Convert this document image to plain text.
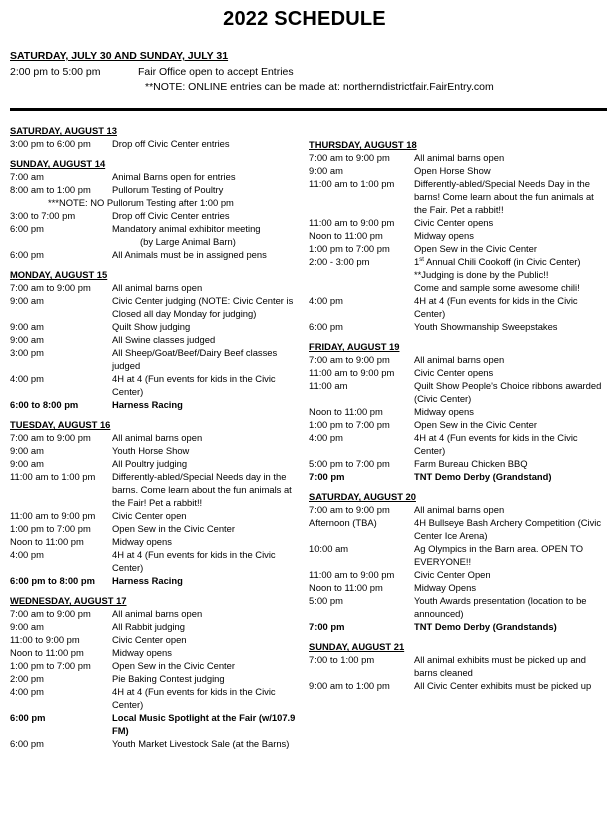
2022 SCHEDULE
SATURDAY, JULY 30 AND SUNDAY, JULY 31
2:00 pm to 5:00 pm	Fair Office open to accept Entries
**NOTE: ONLINE entries can be made at: northerndistrictfair.FairEntry.com
SATURDAY, AUGUST 13
3:00 pm to 6:00 pm	Drop off Civic Center entries
SUNDAY, AUGUST 14
7:00 am	Animal Barns open for entries
8:00 am to 1:00 pm	Pullorum Testing of Poultry
***NOTE: NO Pullorum Testing after 1:00 pm
3:00 to 7:00 pm	Drop off Civic Center entries
6:00 pm	Mandatory animal exhibitor meeting
(by Large Animal Barn)
6:00 pm	All Animals must be in assigned pens
MONDAY, AUGUST 15
7:00 am to 9:00 pm	All animal barns open
9:00 am	Civic Center judging (NOTE: Civic Center is Closed all day Monday for judging)
9:00 am	Quilt Show judging
9:00 am	All Swine classes judged
3:00 pm	All Sheep/Goat/Beef/Dairy Beef classes judged
4:00 pm	4H at 4 (Fun events for kids in the Civic Center)
6:00 to 8:00 pm	Harness Racing
TUESDAY, AUGUST 16
7:00 am to 9:00 pm	All animal barns open
9:00 am	Youth Horse Show
9:00 am	All Poultry judging
11:00 am to 1:00 pm	Differently-abled/Special Needs day in the barns. Come learn about the fun animals at the Fair! Pet a rabbit!!
11:00 am to 9:00 pm	Civic Center open
1:00 pm to 7:00 pm	Open Sew in the Civic Center
Noon to 11:00 pm	Midway opens
4:00 pm	4H at 4 (Fun events for kids in the Civic Center)
6:00 pm to 8:00 pm	Harness Racing
WEDNESDAY, AUGUST 17
7:00 am to 9:00 pm	All animal barns open
9:00 am	All Rabbit judging
11:00 to 9:00 pm	Civic Center open
Noon to 11:00 pm	Midway opens
1:00 pm to 7:00 pm	Open Sew in the Civic Center
2:00 pm	Pie Baking Contest judging
4:00 pm	4H at 4 (Fun events for kids in the Civic Center)
6:00 pm	Local Music Spotlight at the Fair (w/107.9 FM)
6:00 pm	Youth Market Livestock Sale (at the Barns)
THURSDAY, AUGUST 18
7:00 am to 9:00 pm	All animal barns open
9:00 am	Open Horse Show
11:00 am to 1:00 pm	Differently-abled/Special Needs Day in the barns! Come learn about the fun animals at the Fair. Pet a rabbit!!
11:00 am to 9:00 pm	Civic Center opens
Noon to 11:00 pm	Midway opens
1:00 pm to 7:00 pm	Open Sew in the Civic Center
2:00 - 3:00 pm	1st Annual Chili Cookoff (in Civic Center)
**Judging is done by the Public!!
Come and sample some awesome chili!
4:00 pm	4H at 4 (Fun events for kids in the Civic Center)
6:00 pm	Youth Showmanship Sweepstakes
FRIDAY, AUGUST 19
7:00 am to 9:00 pm	All animal barns open
11:00 am to 9:00 pm	Civic Center opens
11:00 am	Quilt Show People's Choice ribbons awarded (Civic Center)
Noon to 11:00 pm	Midway opens
1:00 pm to 7:00 pm	Open Sew in the Civic Center
4:00 pm	4H at 4 (Fun events for kids in the Civic Center)
5:00 pm to 7:00 pm	Farm Bureau Chicken BBQ
7:00 pm	TNT Demo Derby (Grandstand)
SATURDAY, AUGUST 20
7:00 am to 9:00 pm	All animal barns open
Afternoon (TBA)	4H Bullseye Bash Archery Competition (Civic Center Ice Arena)
10:00 am	Ag Olympics in the Barn area. OPEN TO EVERYONE!!
11:00 am to 9:00 pm	Civic Center Open
Noon to 11:00 pm	Midway Opens
5:00 pm	Youth Awards presentation (location to be announced)
7:00 pm	TNT Demo Derby (Grandstands)
SUNDAY, AUGUST 21
7:00 to 1:00 pm	All animal exhibits must be picked up and barns cleaned
9:00 am to 1:00 pm	All Civic Center exhibits must be picked up
